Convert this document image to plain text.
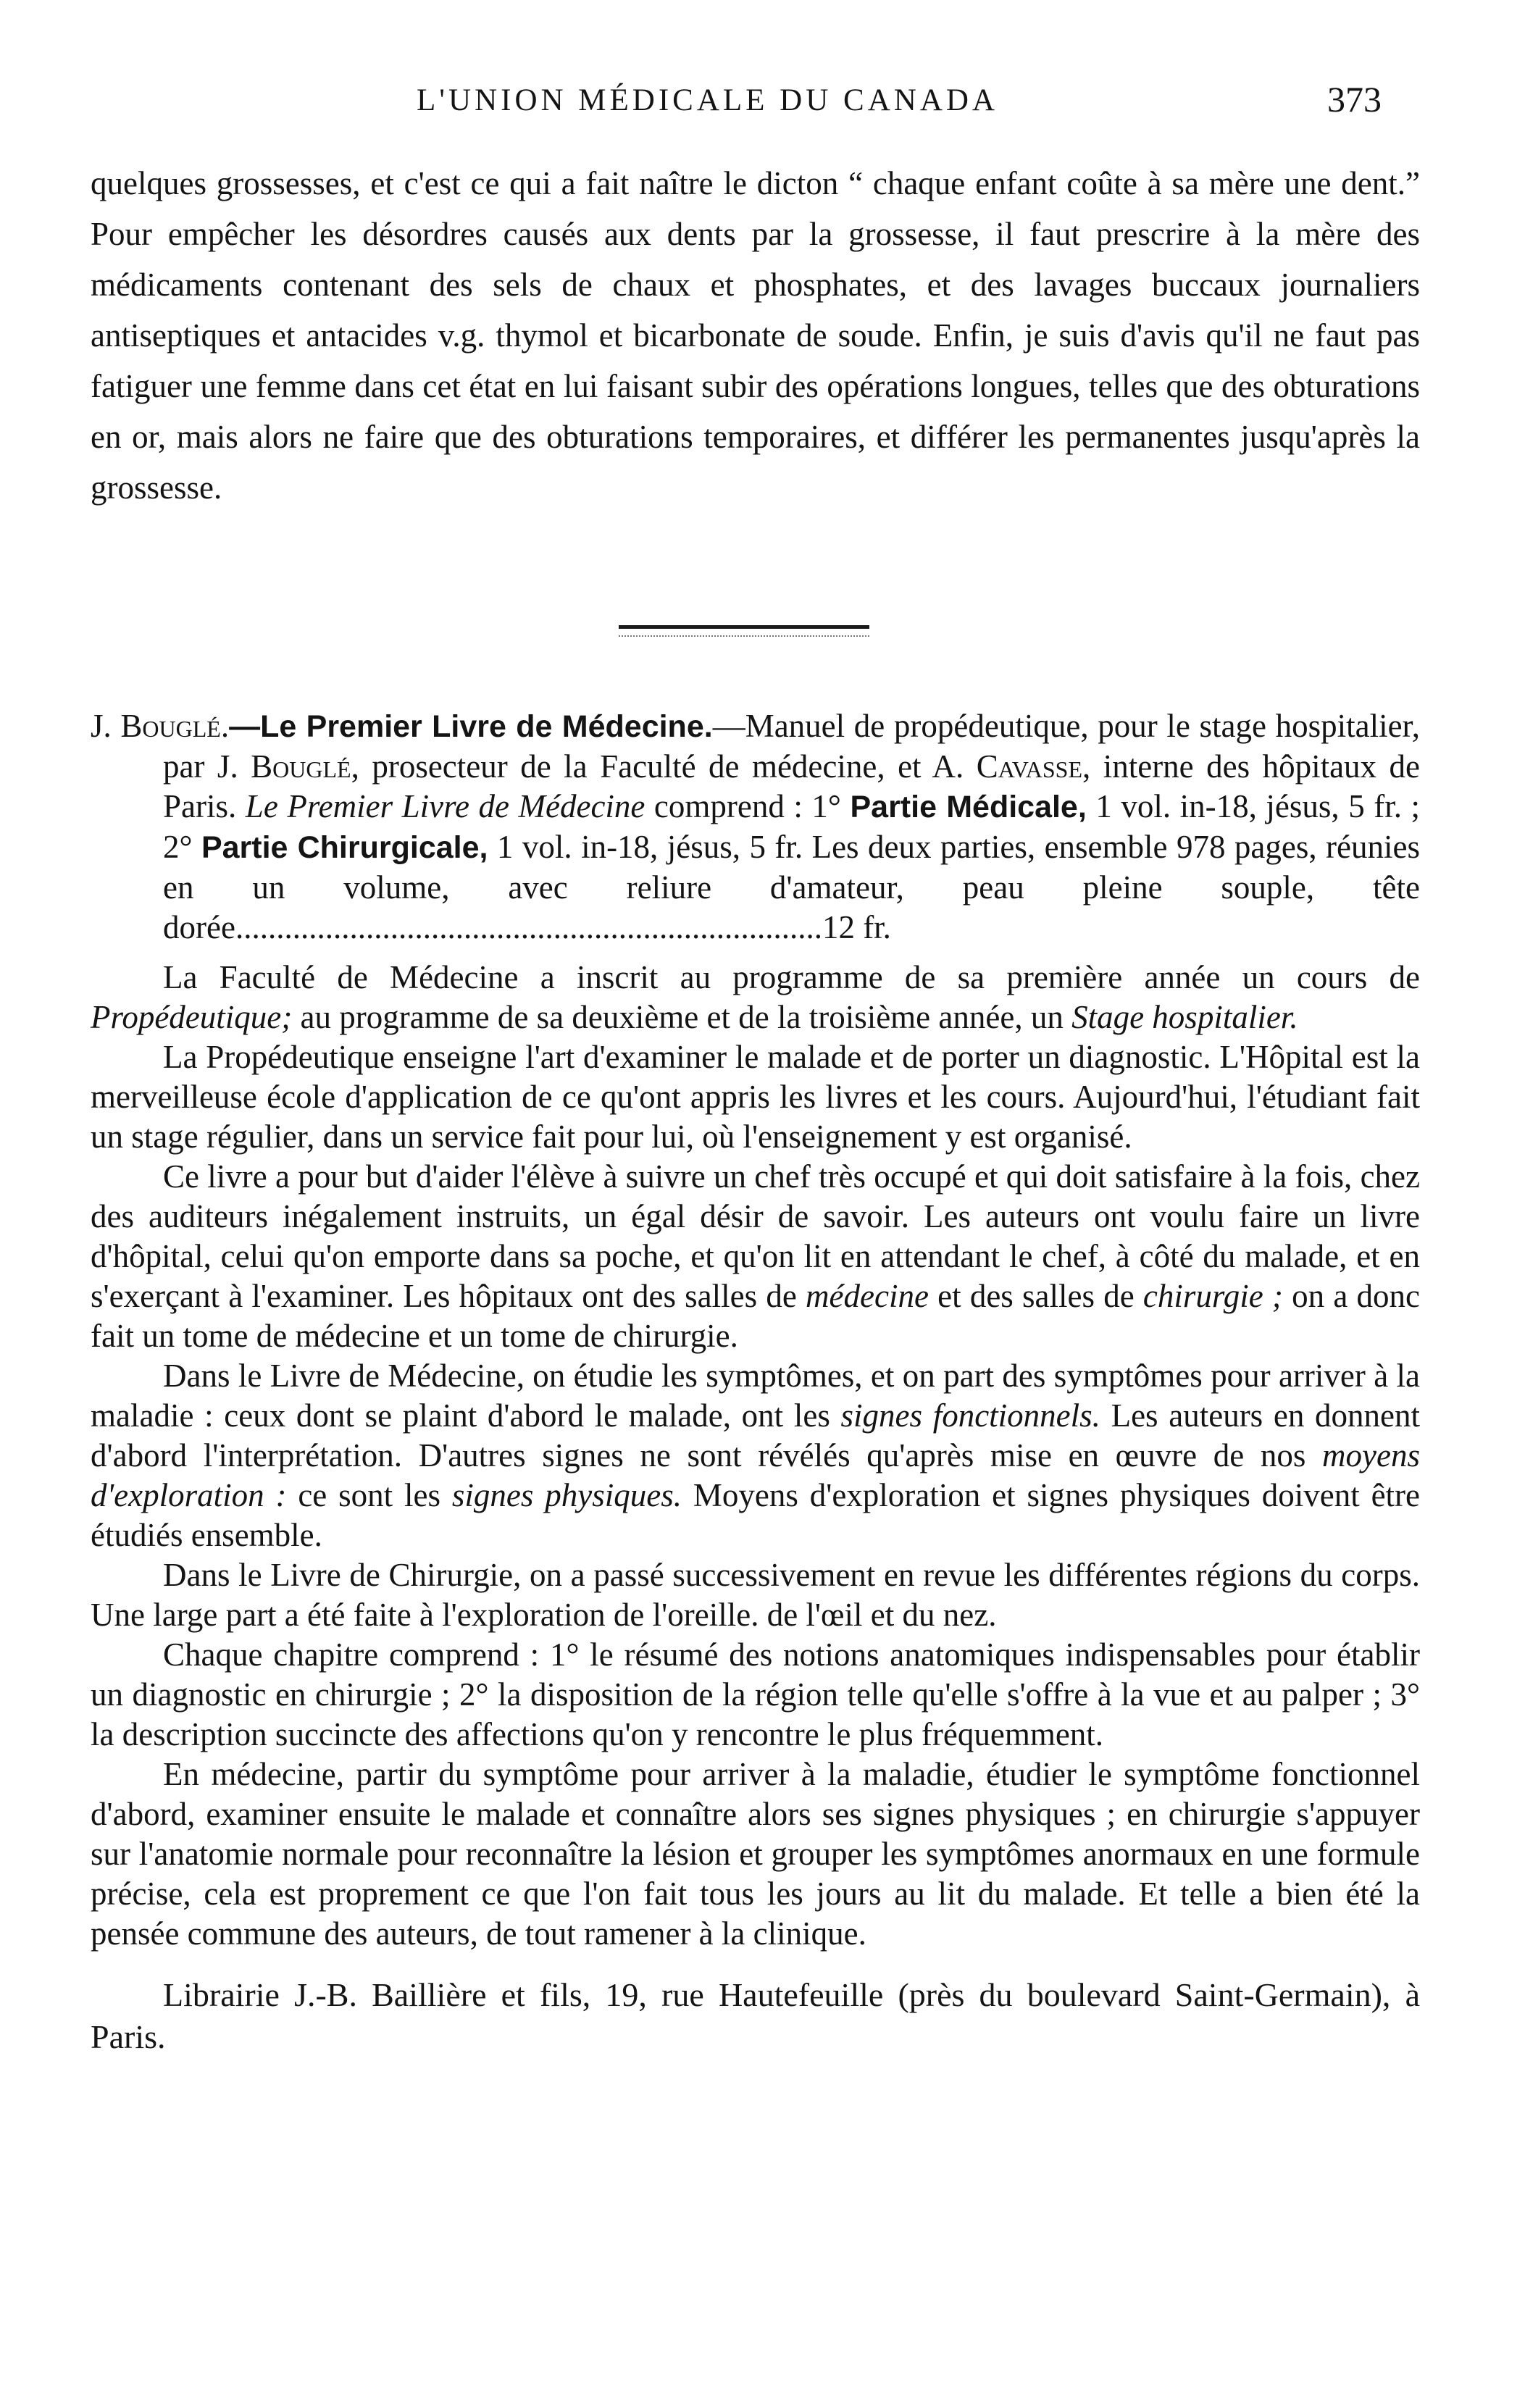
L'UNION MÉDICALE DU CANADA	373

quelques grossesses, et c'est ce qui a fait naître le dicton “ chaque enfant coûte à sa mère une dent.” Pour empêcher les désordres causés aux dents par la grossesse, il faut prescrire à la mère des médicaments contenant des sels de chaux et phosphates, et des lavages buccaux journaliers antiseptiques et antacides v.g. thymol et bicarbonate de soude. Enfin, je suis d'avis qu'il ne faut pas fatiguer une femme dans cet état en lui faisant subir des opérations longues, telles que des obturations en or, mais alors ne faire que des obturations temporaires, et différer les permanentes jusqu'après la grossesse.

J. Bouglé.—Le Premier Livre de Médecine.—Manuel de propédeutique, pour le stage hospitalier, par J. Bouglé, prosecteur de la Faculté de médecine, et A. Cavasse, interne des hôpitaux de Paris. Le Premier Livre de Médecine comprend : 1° Partie Médicale, 1 vol. in-18, jésus, 5 fr. ; 2° Partie Chirurgicale, 1 vol. in-18, jésus, 5 fr. Les deux parties, ensemble 978 pages, réunies en un volume, avec reliure d'amateur, peau pleine souple, tête dorée........................................................................12 fr.

La Faculté de Médecine a inscrit au programme de sa première année un cours de Propédeutique; au programme de sa deuxième et de la troisième année, un Stage hospitalier.

La Propédeutique enseigne l'art d'examiner le malade et de porter un diagnostic. L'Hôpital est la merveilleuse école d'application de ce qu'ont appris les livres et les cours. Aujourd'hui, l'étudiant fait un stage régulier, dans un service fait pour lui, où l'enseignement y est organisé.

Ce livre a pour but d'aider l'élève à suivre un chef très occupé et qui doit satisfaire à la fois, chez des auditeurs inégalement instruits, un égal désir de savoir. Les auteurs ont voulu faire un livre d'hôpital, celui qu'on emporte dans sa poche, et qu'on lit en attendant le chef, à côté du malade, et en s'exerçant à l'examiner. Les hôpitaux ont des salles de médecine et des salles de chirurgie ; on a donc fait un tome de médecine et un tome de chirurgie.

Dans le Livre de Médecine, on étudie les symptômes, et on part des symptômes pour arriver à la maladie : ceux dont se plaint d'abord le malade, ont les signes fonctionnels. Les auteurs en donnent d'abord l'interprétation. D'autres signes ne sont révélés qu'après mise en œuvre de nos moyens d'exploration : ce sont les signes physiques. Moyens d'exploration et signes physiques doivent être étudiés ensemble.

Dans le Livre de Chirurgie, on a passé successivement en revue les différentes régions du corps. Une large part a été faite à l'exploration de l'oreille. de l'œil et du nez.

Chaque chapitre comprend : 1° le résumé des notions anatomiques indispensables pour établir un diagnostic en chirurgie ; 2° la disposition de la région telle qu'elle s'offre à la vue et au palper ; 3° la description succincte des affections qu'on y rencontre le plus fréquemment.

En médecine, partir du symptôme pour arriver à la maladie, étudier le symptôme fonctionnel d'abord, examiner ensuite le malade et connaître alors ses signes physiques ; en chirurgie s'appuyer sur l'anatomie normale pour reconnaître la lésion et grouper les symptômes anormaux en une formule précise, cela est proprement ce que l'on fait tous les jours au lit du malade. Et telle a bien été la pensée commune des auteurs, de tout ramener à la clinique.

Librairie J.-B. Baillière et fils, 19, rue Hautefeuille (près du boulevard Saint-Germain), à Paris.
